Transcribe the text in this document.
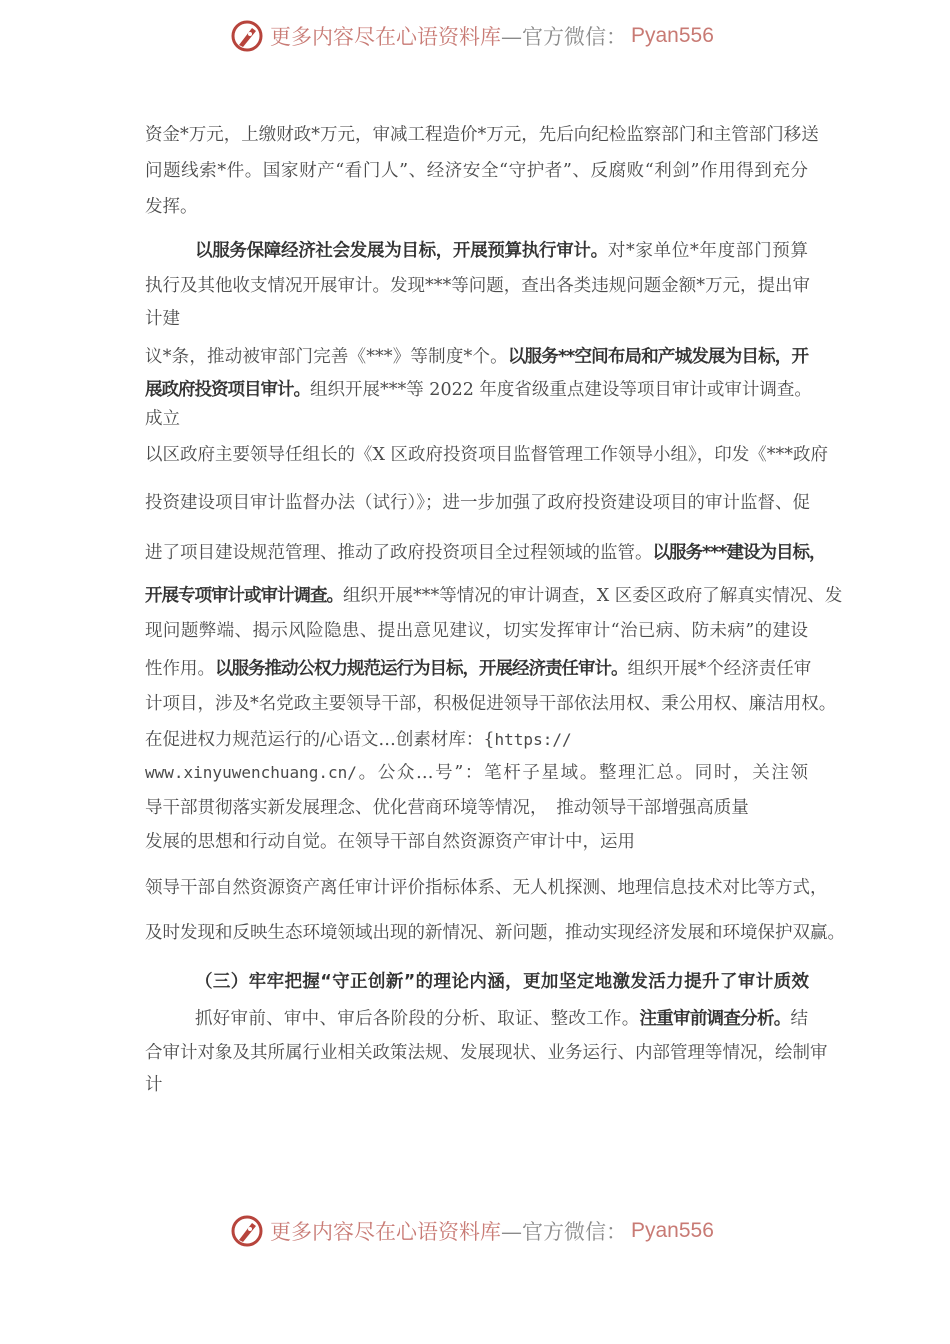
更多内容尽在心语资料库 —官方微信： Pyan556
资金*万元，上缴财政*万元，审减工程造价*万元，先后向纪检监察部门和主管部门移送
问题线索*件。国家财产“看门人”、经济安全“守护者”、反腐败“利剑”作用得到充分
发挥。
以服务保障经济社会发展为目标，开展预算执行审计。对*家单位*年度部门预算
执行及其他收支情况开展审计。发现***等问题，查出各类违规问题金额*万元，提出审
计建
议*条，推动被审部门完善《***》等制度*个。以服务**空间布局和产城发展为目标，开
展政府投资项目审计。组织开展***等 2022 年度省级重点建设等项目审计或审计调查。
成立
以区政府主要领导任组长的《X 区政府投资项目监督管理工作领导小组》，印发《***政府
投资建设项目审计监督办法（试行）》；进一步加强了政府投资建设项目的审计监督、促
进了项目建设规范管理、推动了政府投资项目全过程领域的监管。以服务***建设为目标，
开展专项审计或审计调查。组织开展***等情况的审计调查，X 区委区政府了解真实情况、发
现问题弊端、揭示风险隐患、提出意见建议，切实发挥审计“治已病、防未病”的建设
性作用。以服务推动公权力规范运行为目标，开展经济责任审计。组织开展*个经济责任审
计项目，涉及*名党政主要领导干部，积极促进领导干部依法用权、秉公用权、廉洁用权。
在促进权力规范运行的/心语文…创素材库：{https://
www.xinyuwenchuang.cn/。公众…号”：笔杆子星域。整理汇总。同时，关注领
导干部贯彻落实新发展理念、优化营商环境等情况，　推动领导干部增强高质量
发展的思想和行动自觉。在领导干部自然资源资产审计中，运用
领导干部自然资源资产离任审计评价指标体系、无人机探测、地理信息技术对比等方式，
及时发现和反映生态环境领域出现的新情况、新问题，推动实现经济发展和环境保护双赢。
（三）牢牢把握“守正创新”的理论内涵，更加坚定地激发活力提升了审计质效
抓好审前、审中、审后各阶段的分析、取证、整改工作。注重审前调查分析。结
合审计对象及其所属行业相关政策法规、发展现状、业务运行、内部管理等情况，绘制审
计
更多内容尽在心语资料库 —官方微信： Pyan556
